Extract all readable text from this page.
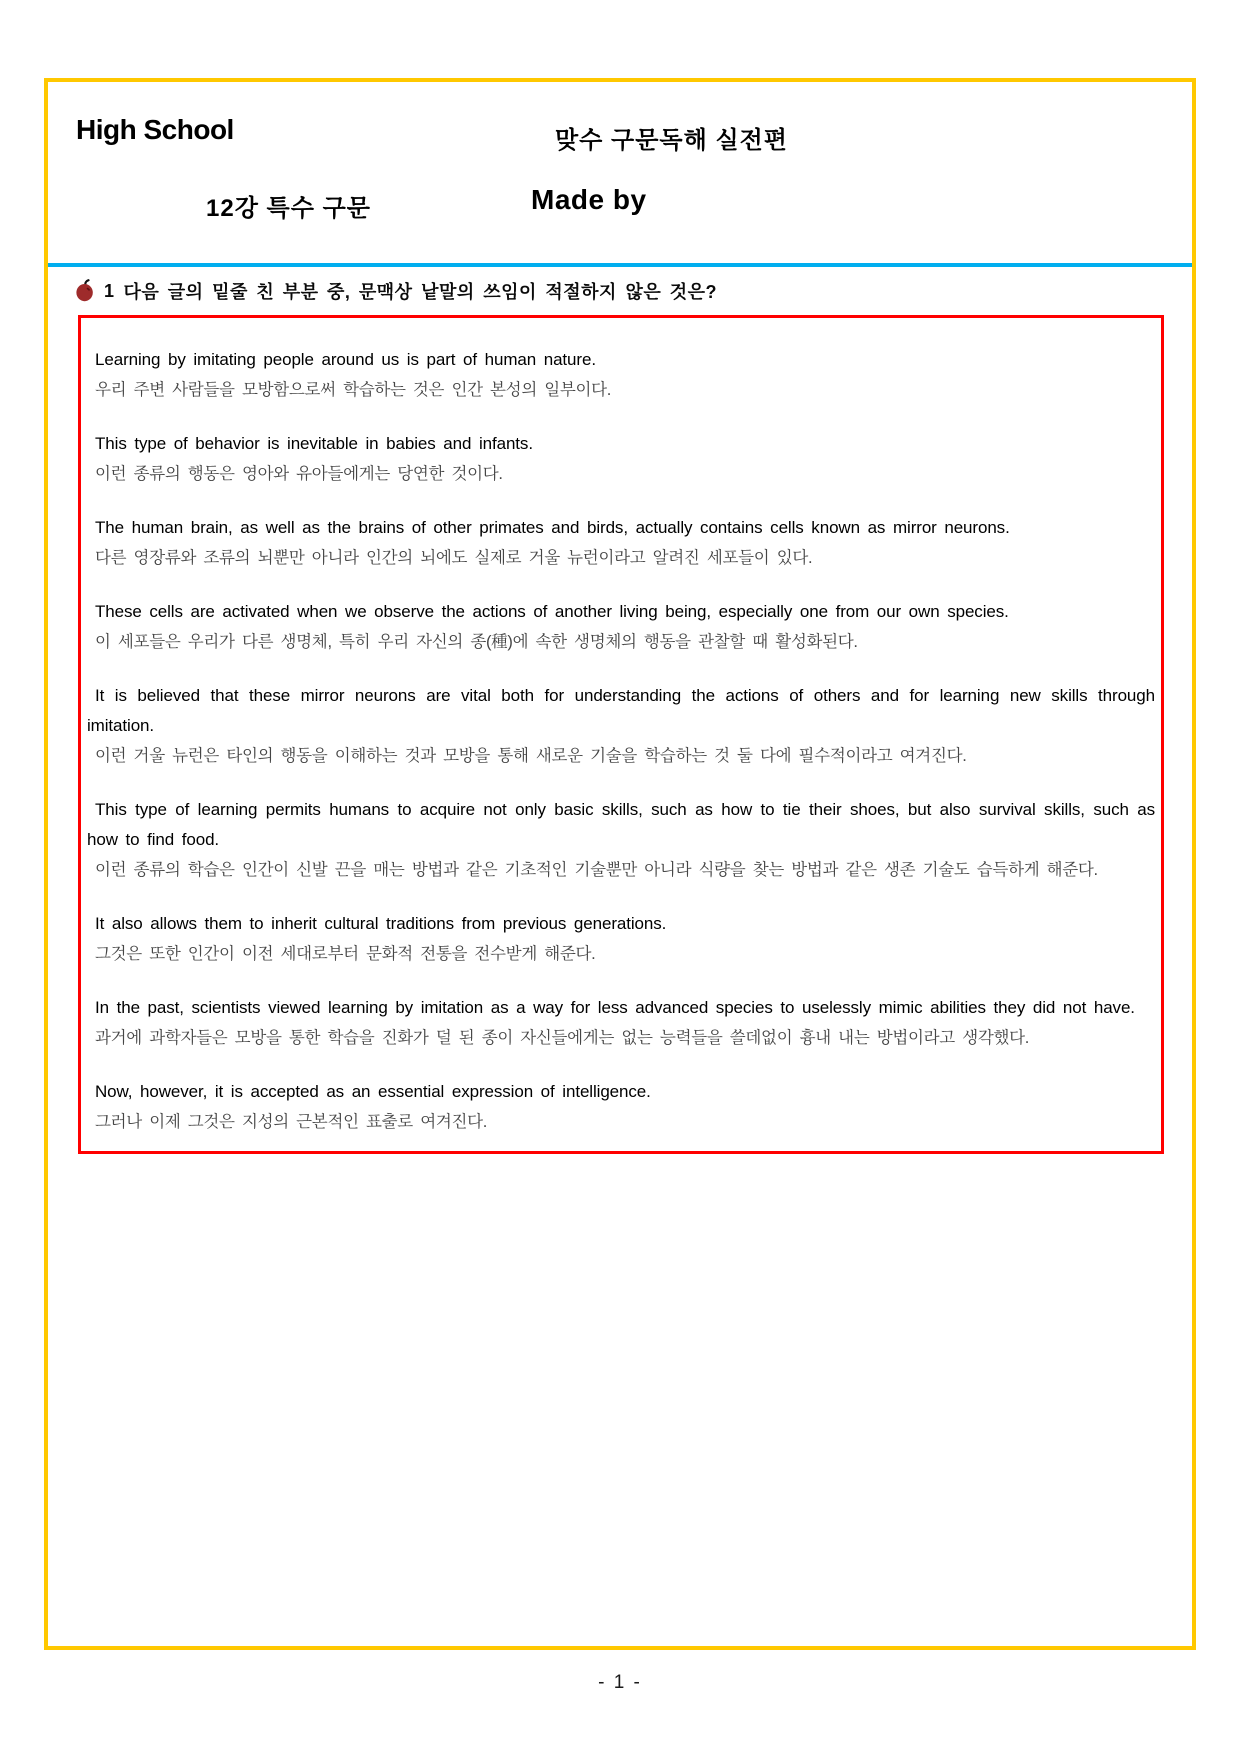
High School	맞수 구문독해 실전편
12강 특수 구문	Made by
1 다음 글의 밑줄 친 부분 중, 문맥상 낱말의 쓰임이 적절하지 않은 것은?

Learning by imitating people around us is part of human nature.

우리 주변 사람들을 모방함으로써 학습하는 것은 인간 본성의 일부이다.

This type of behavior is inevitable in babies and infants.

이런 종류의 행동은 영아와 유아들에게는 당연한 것이다.

The human brain, as well as the brains of other primates and birds, actually contains cells known as mirror neurons.

다른 영장류와 조류의 뇌뿐만 아니라 인간의 뇌에도 실제로 거울 뉴런이라고 알려진 세포들이 있다.

These cells are activated when we observe the actions of another living being, especially one from our own species.

이 세포들은 우리가 다른 생명체, 특히 우리 자신의 종(種)에 속한 생명체의 행동을 관찰할 때 활성화된다.

It is believed that these mirror neurons are vital both for understanding the actions of others and for learning new skills through imitation.

이런 거울 뉴런은 타인의 행동을 이해하는 것과 모방을 통해 새로운 기술을 학습하는 것 둘 다에 필수적이라고 여겨진다.

This type of learning permits humans to acquire not only basic skills, such as how to tie their shoes, but also survival skills, such as how to find food.

이런 종류의 학습은 인간이 신발 끈을 매는 방법과 같은 기초적인 기술뿐만 아니라 식량을 찾는 방법과 같은 생존 기술도 습득하게 해준다.

It also allows them to inherit cultural traditions from previous generations.

그것은 또한 인간이 이전 세대로부터 문화적 전통을 전수받게 해준다.

In the past, scientists viewed learning by imitation as a way for less advanced species to uselessly mimic abilities they did not have.

과거에 과학자들은 모방을 통한 학습을 진화가 덜 된 종이 자신들에게는 없는 능력들을 쓸데없이 흉내 내는 방법이라고 생각했다.

Now, however, it is accepted as an essential expression of intelligence.

그러나 이제 그것은 지성의 근본적인 표출로 여겨진다.

- 1 -
